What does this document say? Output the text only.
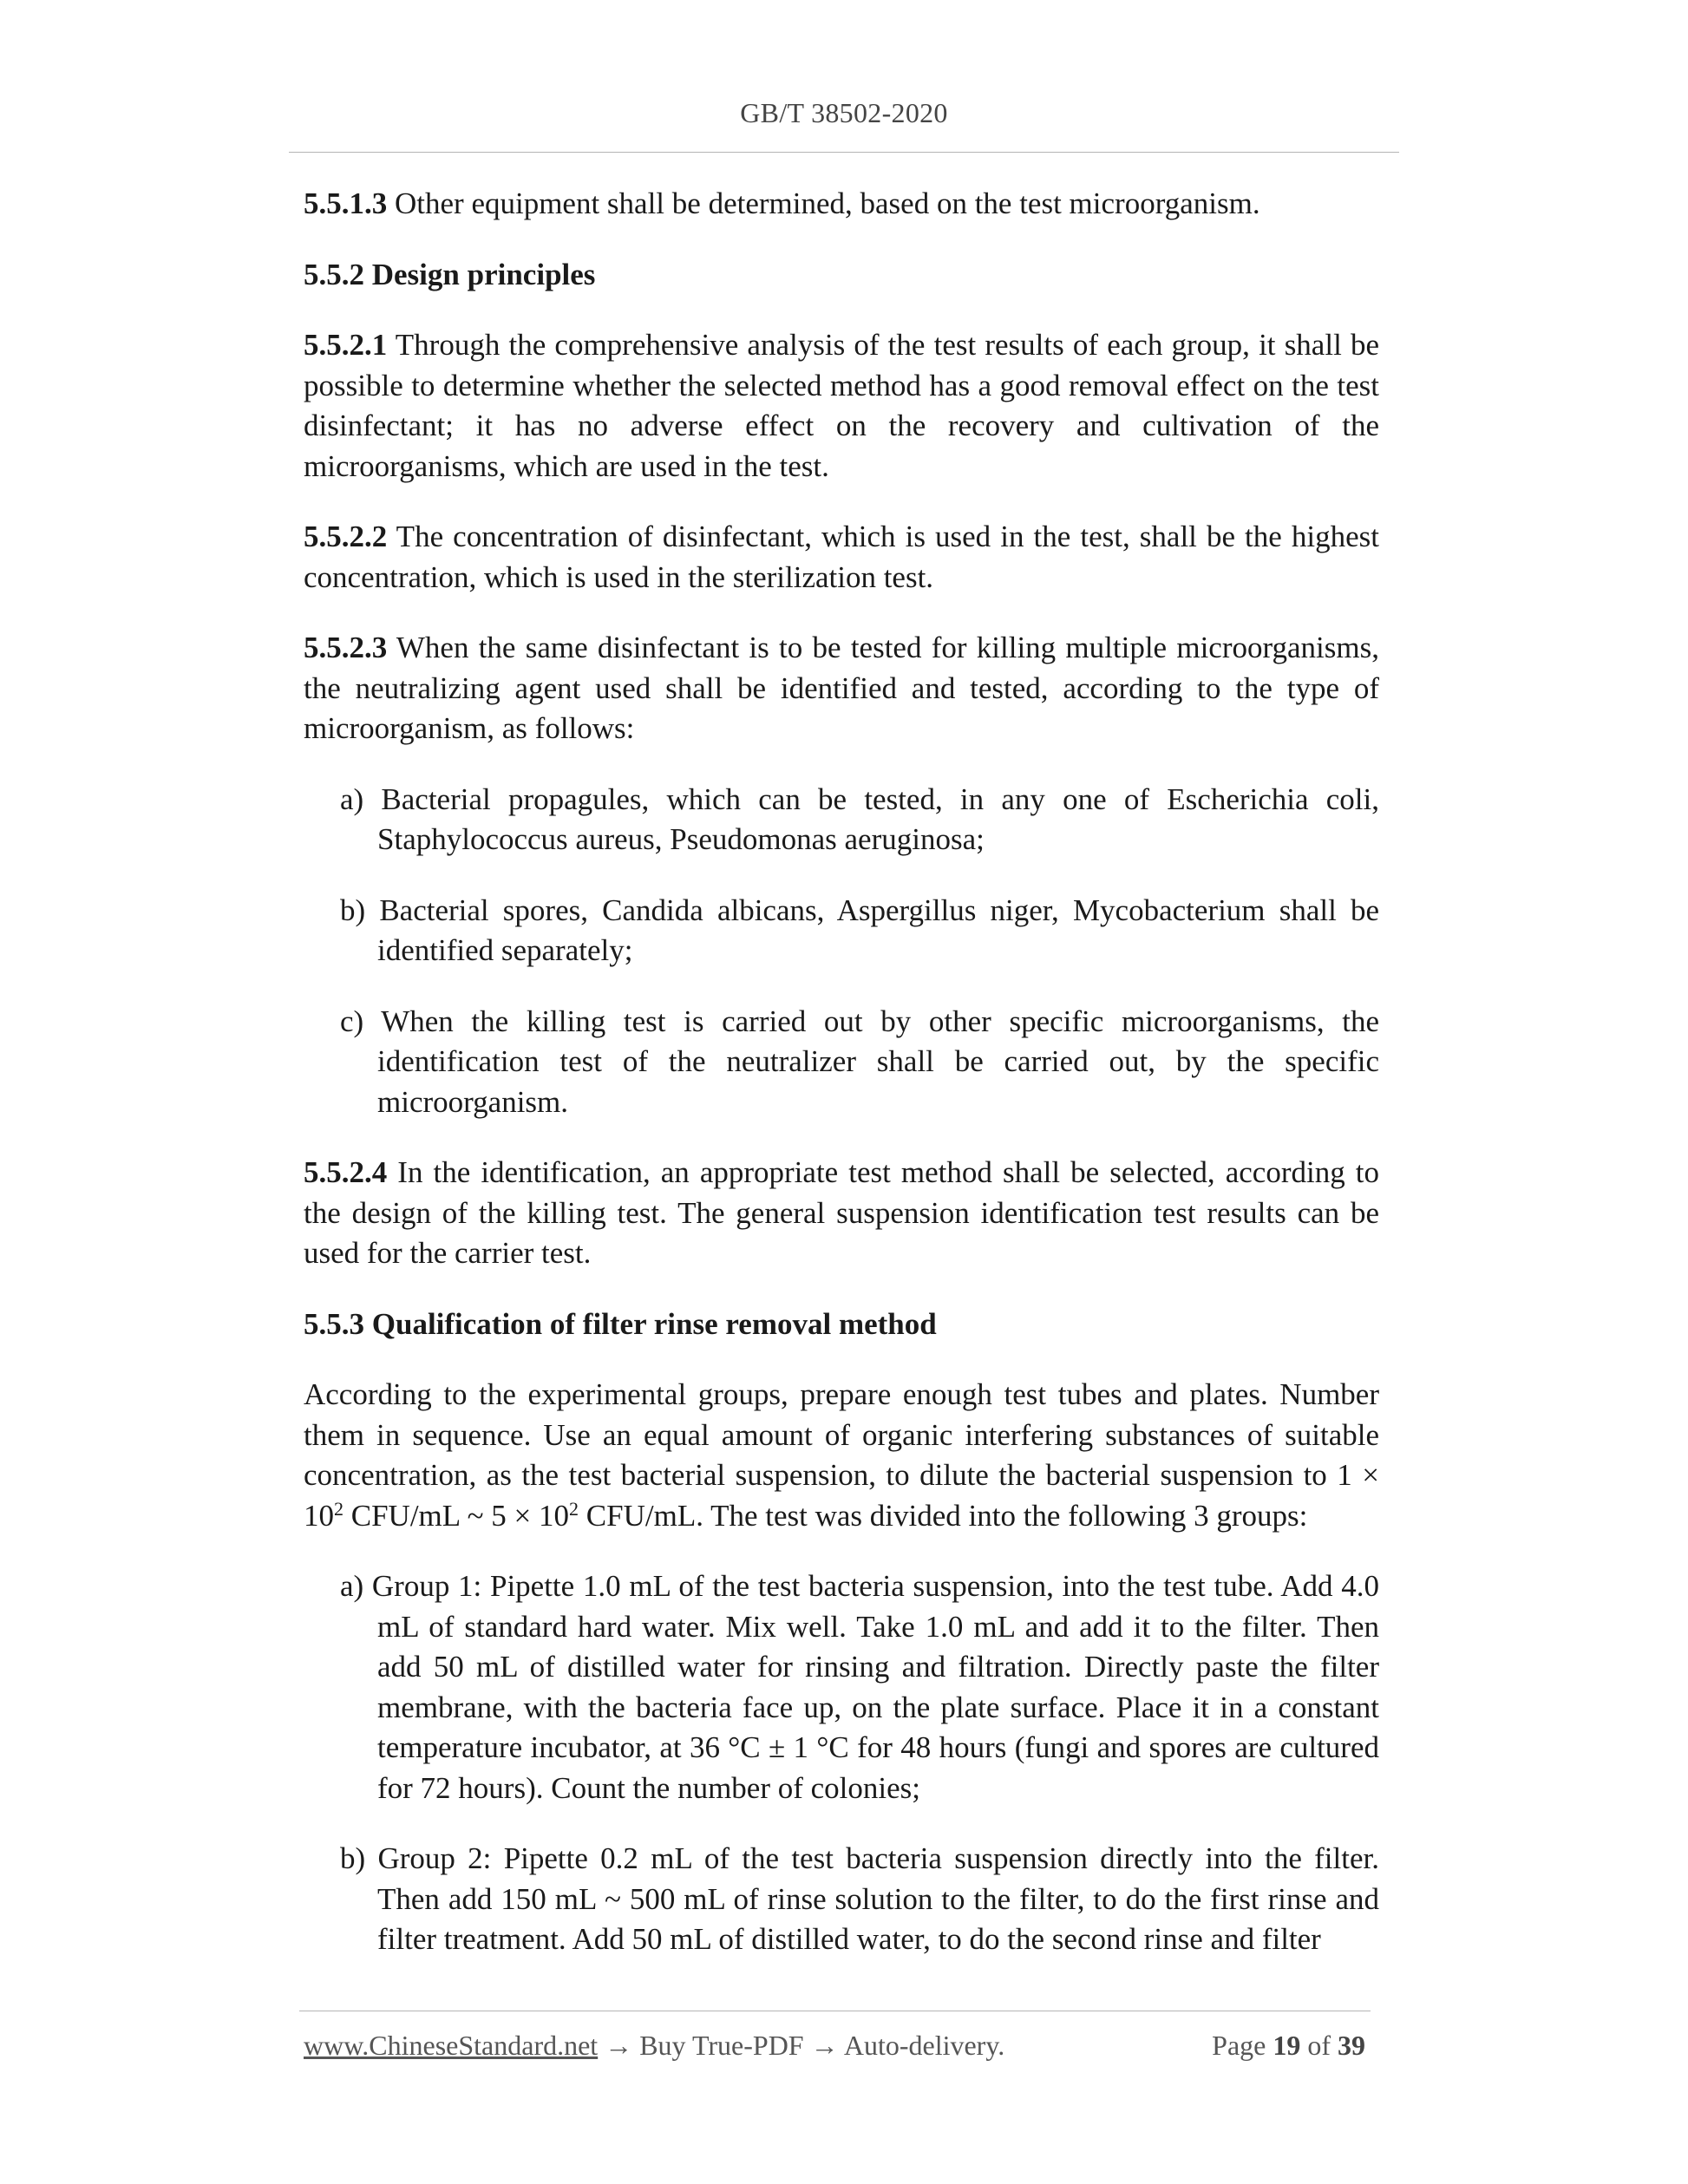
GB/T 38502-2020

5.5.1.3 Other equipment shall be determined, based on the test microorganism.

5.5.2 Design principles

5.5.2.1 Through the comprehensive analysis of the test results of each group, it shall be possible to determine whether the selected method has a good removal effect on the test disinfectant; it has no adverse effect on the recovery and cultivation of the microorganisms, which are used in the test.

5.5.2.2 The concentration of disinfectant, which is used in the test, shall be the highest concentration, which is used in the sterilization test.

5.5.2.3 When the same disinfectant is to be tested for killing multiple microorganisms, the neutralizing agent used shall be identified and tested, according to the type of microorganism, as follows:

a) Bacterial propagules, which can be tested, in any one of Escherichia coli, Staphylococcus aureus, Pseudomonas aeruginosa;
b) Bacterial spores, Candida albicans, Aspergillus niger, Mycobacterium shall be identified separately;
c) When the killing test is carried out by other specific microorganisms, the identification test of the neutralizer shall be carried out, by the specific microorganism.

5.5.2.4 In the identification, an appropriate test method shall be selected, according to the design of the killing test. The general suspension identification test results can be used for the carrier test.

5.5.3 Qualification of filter rinse removal method

According to the experimental groups, prepare enough test tubes and plates. Number them in sequence. Use an equal amount of organic interfering substances of suitable concentration, as the test bacterial suspension, to dilute the bacterial suspension to $1 \times 10^2$ CFU/mL ~ $5 \times 10^2$ CFU/mL. The test was divided into the following 3 groups:

a) Group 1: Pipette 1.0 mL of the test bacteria suspension, into the test tube. Add 4.0 mL of standard hard water. Mix well. Take 1.0 mL and add it to the filter. Then add 50 mL of distilled water for rinsing and filtration. Directly paste the filter membrane, with the bacteria face up, on the plate surface. Place it in a constant temperature incubator, at 36 °C ± 1 °C for 48 hours (fungi and spores are cultured for 72 hours). Count the number of colonies;
b) Group 2: Pipette 0.2 mL of the test bacteria suspension directly into the filter. Then add 150 mL ~ 500 mL of rinse solution to the filter, to do the first rinse and filter treatment. Add 50 mL of distilled water, to do the second rinse and filter
www.ChineseStandard.net → Buy True-PDF → Auto-delivery.	Page 19 of 39
